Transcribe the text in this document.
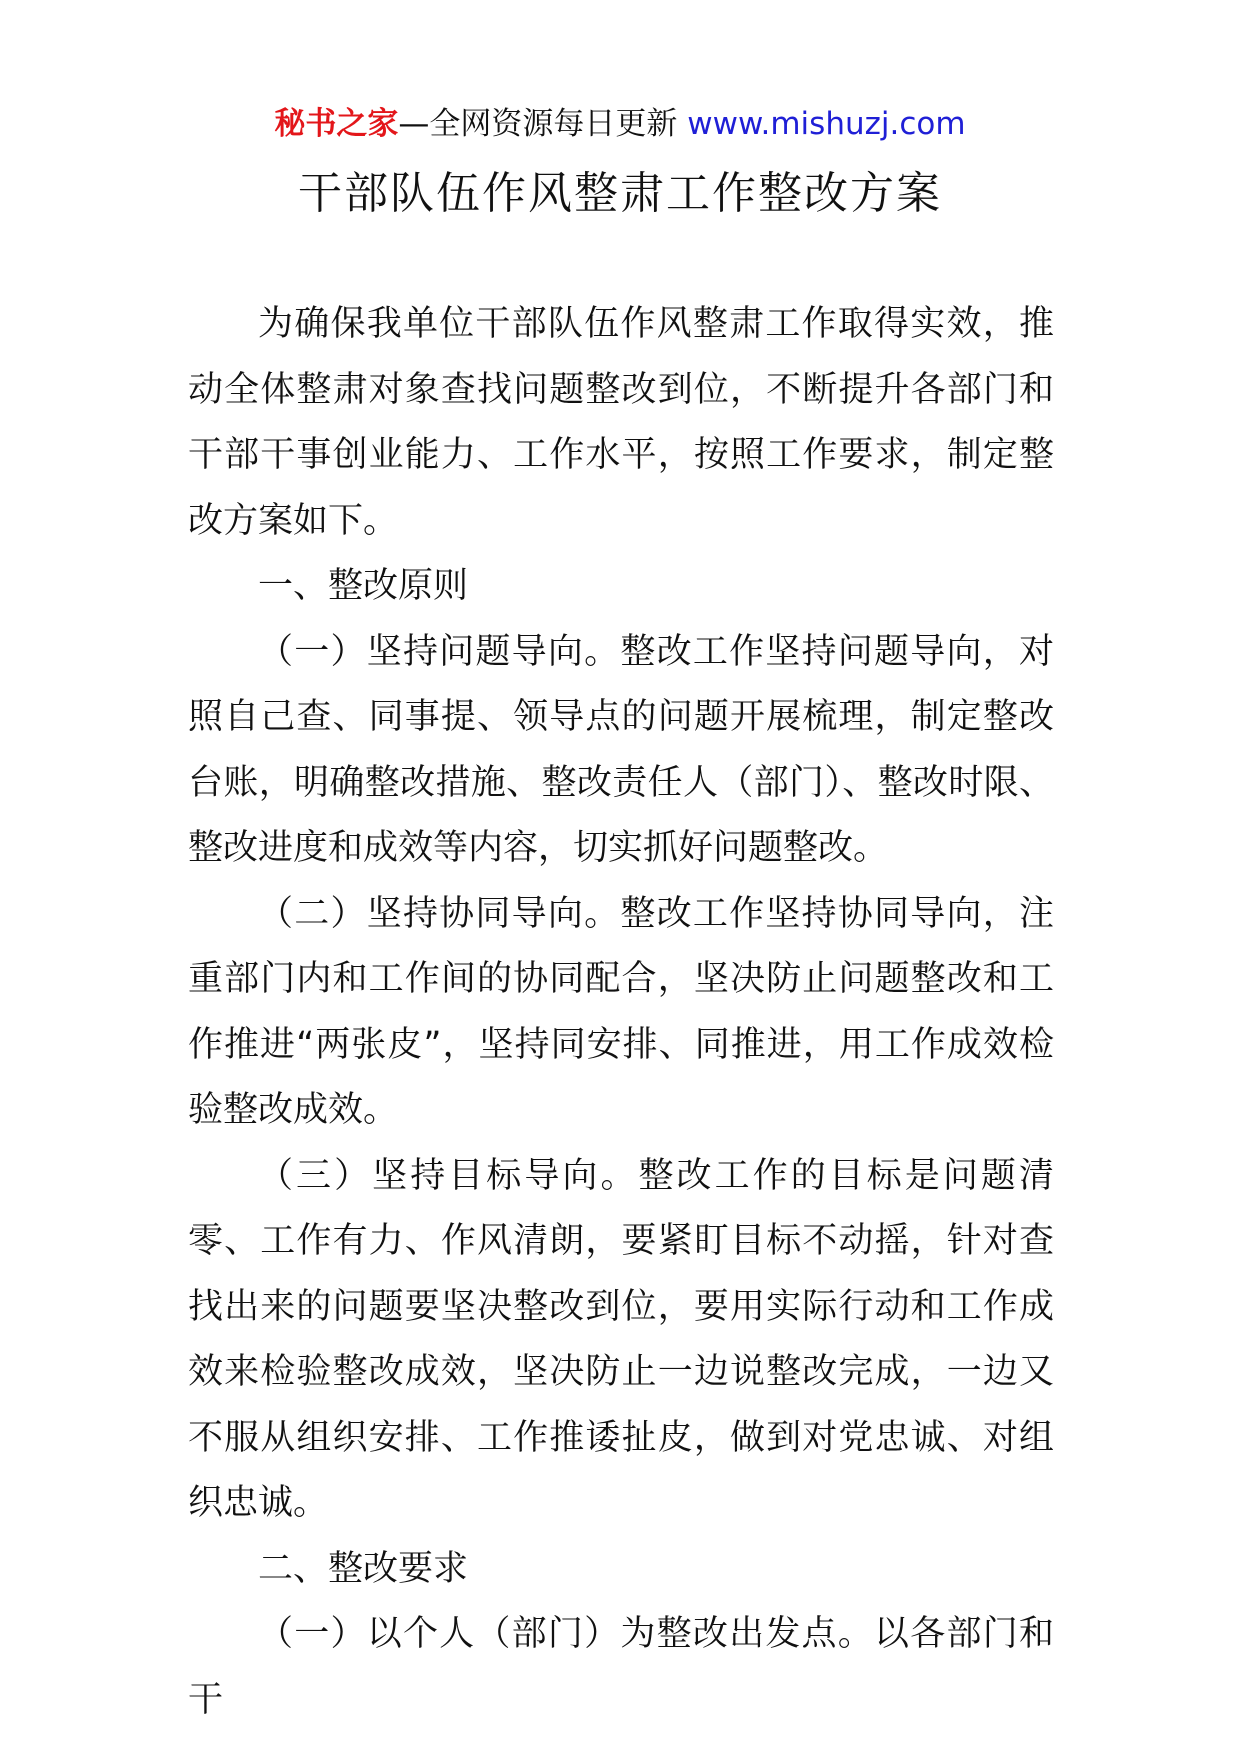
秘书之家—全网资源每日更新 www.mishuzj.com
干部队伍作风整肃工作整改方案

为确保我单位干部队伍作风整肃工作取得实效，推动全体整肃对象查找问题整改到位，不断提升各部门和干部干事创业能力、工作水平，按照工作要求，制定整改方案如下。

一、整改原则

（一）坚持问题导向。整改工作坚持问题导向，对照自己查、同事提、领导点的问题开展梳理，制定整改台账，明确整改措施、整改责任人（部门）、整改时限、整改进度和成效等内容，切实抓好问题整改。

（二）坚持协同导向。整改工作坚持协同导向，注重部门内和工作间的协同配合，坚决防止问题整改和工作推进“两张皮”，坚持同安排、同推进，用工作成效检验整改成效。

（三）坚持目标导向。整改工作的目标是问题清零、工作有力、作风清朗，要紧盯目标不动摇，针对查找出来的问题要坚决整改到位，要用实际行动和工作成效来检验整改成效，坚决防止一边说整改完成，一边又不服从组织安排、工作推诿扯皮，做到对党忠诚、对组织忠诚。

二、整改要求

（一）以个人（部门）为整改出发点。以各部门和干
